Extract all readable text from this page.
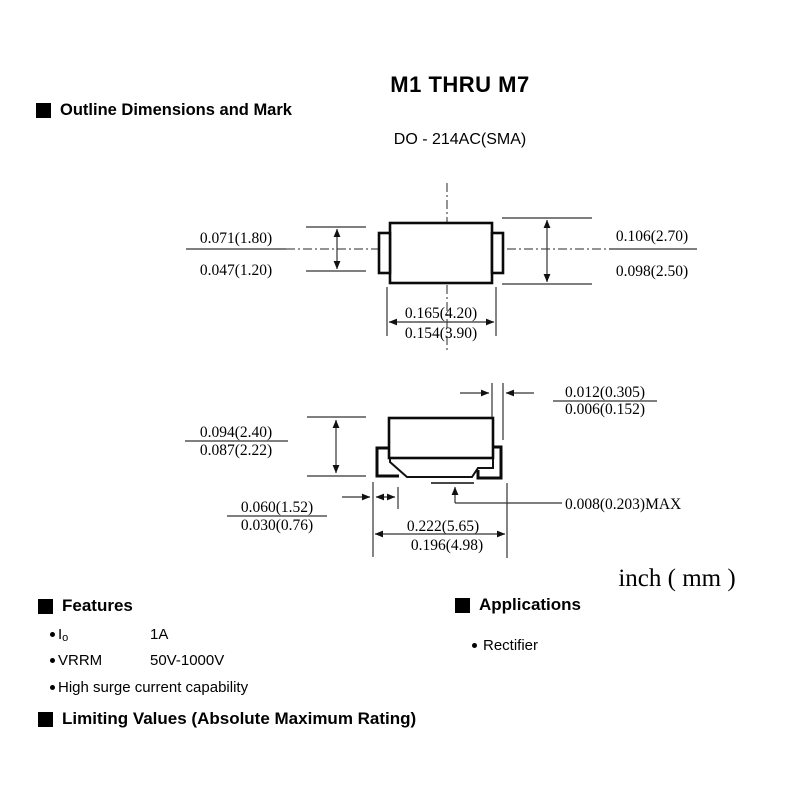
M1 THRU M7
Outline Dimensions and Mark
DO - 214AC(SMA)
0.071(1.80)
0.047(1.20)
0.106(2.70)
0.098(2.50)
0.165(4.20)
0.154(3.90)
0.012(0.305)
0.006(0.152)
0.094(2.40)
0.087(2.22)
0.060(1.52)
0.030(0.76)	0.222(5.65)
0.196(4.98)
0.008(0.203)MAX
inch ( mm )
Features
I o	1A
VRRM	50V-1000V
High surge current capability
Applications
Rectifier
Limiting Values (Absolute Maximum Rating)
